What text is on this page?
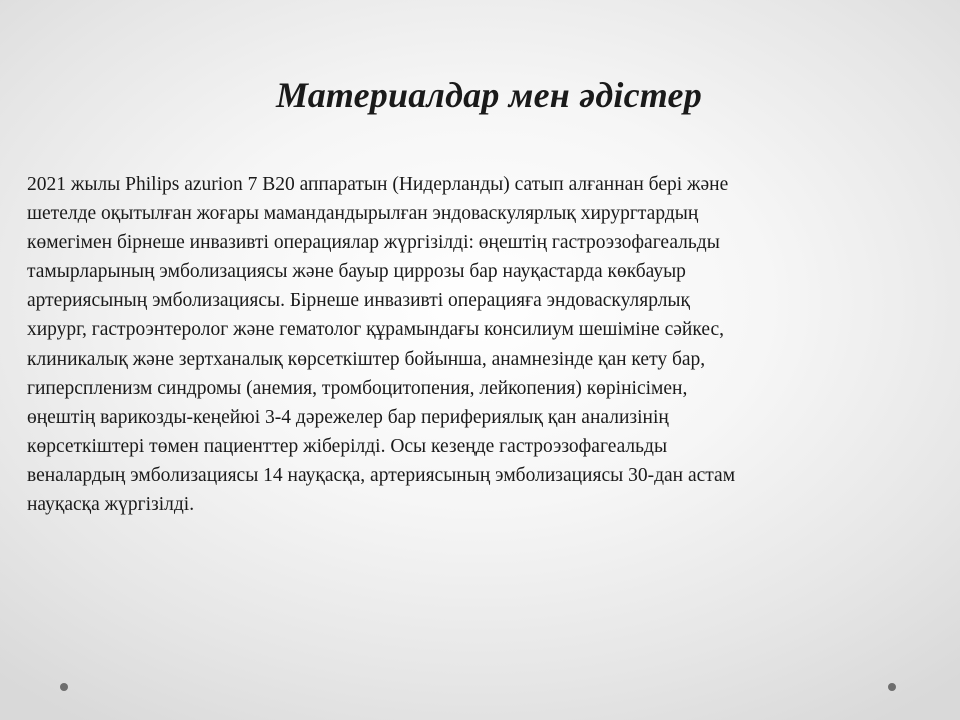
Материалдар мен әдістер
2021 жылы Philips azurion 7 В20 аппаратын (Нидерланды) сатып алғаннан бері және
шетелде оқытылған жоғары мамандандырылған эндоваскулярлық хирургтардың
көмегімен бірнеше инвазивті операциялар жүргізілді: өңештің гастроэзофагеальды
тамырларының эмболизациясы және бауыр циррозы бар науқастарда көкбауыр
артериясының эмболизациясы. Бірнеше инвазивті операцияға эндоваскулярлық
хирург, гастроэнтеролог және гематолог құрамындағы консилиум шешіміне сәйкес,
клиникалық және зертханалық көрсеткіштер бойынша, анамнезінде қан кету бар,
гиперспленизм синдромы (анемия, тромбоцитопения, лейкопения) көрінісімен,
өңештің варикозды-кеңейюі 3-4 дәрежелер бар перифериялық қан анализінің
көрсеткіштері төмен пациенттер жіберілді. Осы кезеңде гастроэзофагеальды
веналардың эмболизациясы 14 науқасқа, артериясының эмболизациясы 30-дан астам
науқасқа жүргізілді.
